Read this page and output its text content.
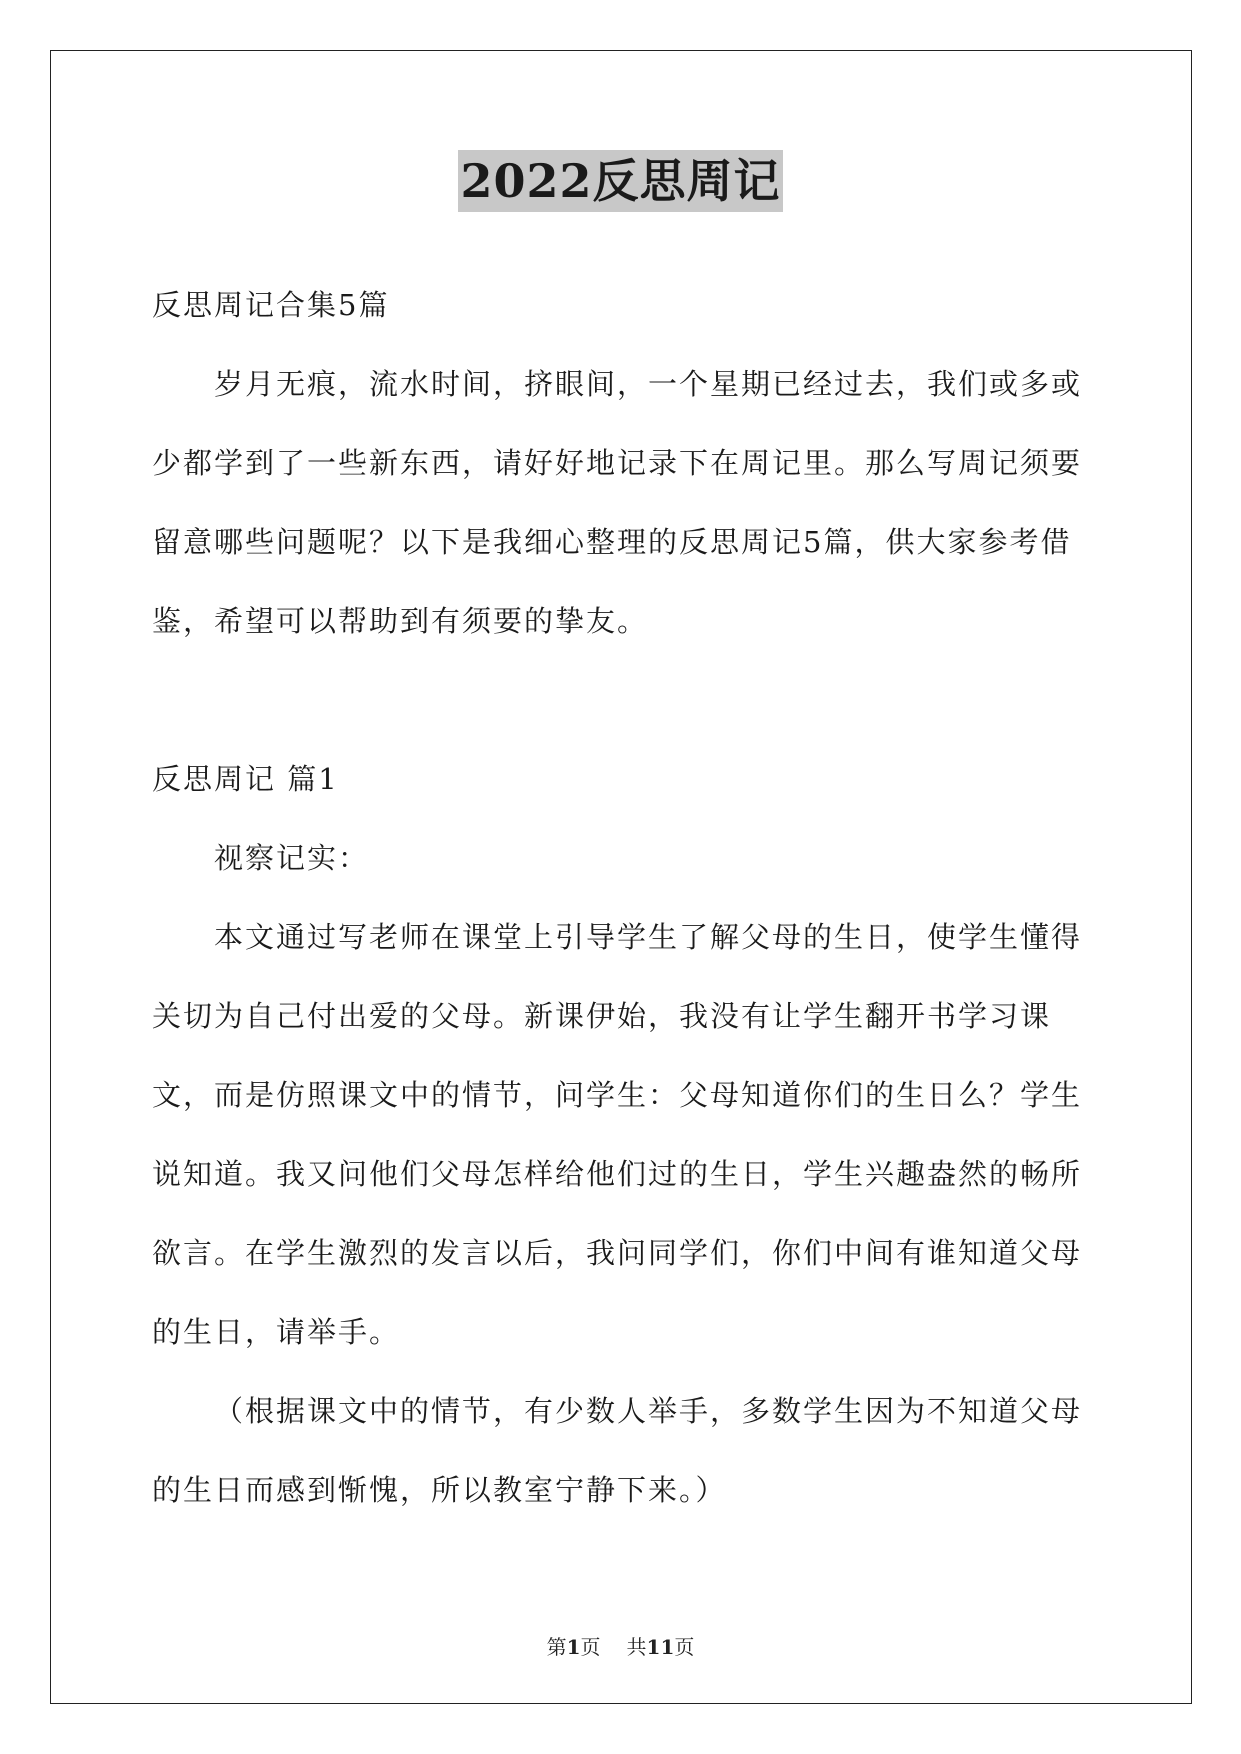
2022反思周记

反思周记合集5篇

岁月无痕，流水时间，挤眼间，一个星期已经过去，我们或多或少都学到了一些新东西，请好好地记录下在周记里。那么写周记须要留意哪些问题呢？以下是我细心整理的反思周记5篇，供大家参考借鉴，希望可以帮助到有须要的挚友。

反思周记 篇1

视察记实：

本文通过写老师在课堂上引导学生了解父母的生日，使学生懂得关切为自己付出爱的父母。新课伊始，我没有让学生翻开书学习课文，而是仿照课文中的情节，问学生：父母知道你们的生日么？学生说知道。我又问他们父母怎样给他们过的生日，学生兴趣盎然的畅所欲言。在学生激烈的发言以后，我问同学们，你们中间有谁知道父母的生日，请举手。

（根据课文中的情节，有少数人举手，多数学生因为不知道父母的生日而感到惭愧，所以教室宁静下来。）

第1页 共11页
